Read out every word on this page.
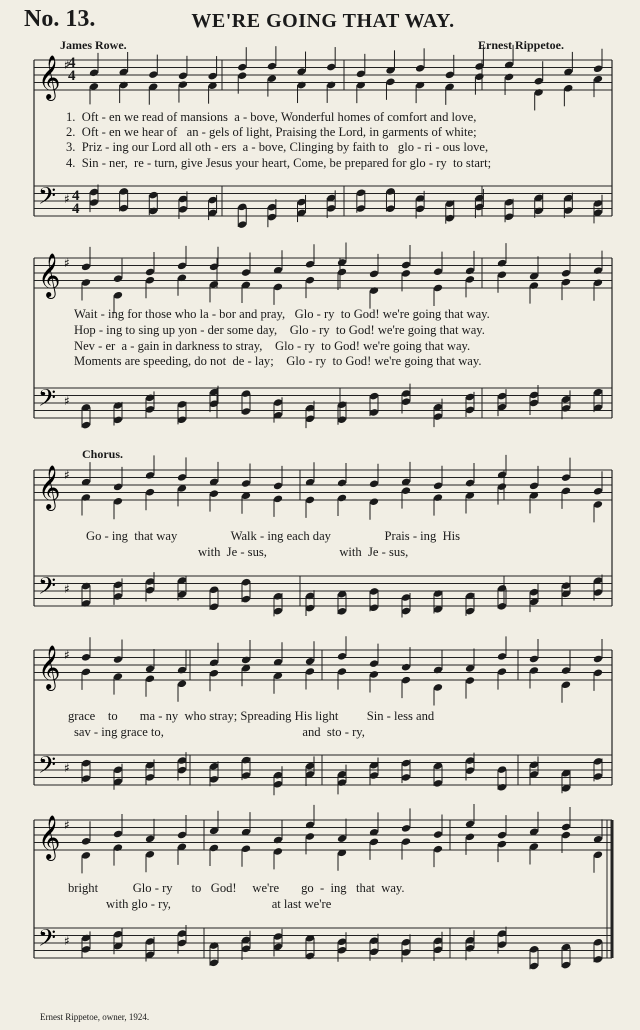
No. 13.	WE'RE GOING THAT WAY.
James Rowe.	Ernest Rippetoe.
𝄞
𝄢
♯
♯
𝄞
𝄢
♯
♯
𝄞
𝄢
♯
♯
𝄞
𝄢
♯
♯
𝄞
𝄢
♯
♯
4
4
4
4
1.  Oft - en we read of mansions  a - bove, Wonderful homes of comfort and love,
2.  Oft - en we hear of   an - gels of light, Praising the Lord, in garments of white;
3.  Priz - ing our Lord all oth - ers  a - bove, Clinging by faith to   glo - ri - ous love,
4.  Sin - ner,  re - turn, give Jesus your heart, Come, be prepared for glo - ry  to start;
Wait - ing for those who la - bor and pray,   Glo - ry  to God! we're going that way.
Hop - ing to sing up yon - der some day,    Glo - ry  to God! we're going that way.
Nev - er  a - gain in darkness to stray,    Glo - ry  to God! we're going that way.
Moments are speeding, do not  de - lay;    Glo - ry  to God! we're going that way.
Chorus.
Go - ing  that way                 Walk - ing each day                 Prais - ing  His
with  Je - sus,                       with  Je - sus,
grace    to       ma - ny  who stray; Spreading His light         Sin - less and
sav - ing grace to,                                            and  sto - ry,
bright           Glo - ry      to   God!     we're       go  -  ing   that  way.
with glo - ry,                                at last we're
Ernest Rippetoe, owner, 1924.
